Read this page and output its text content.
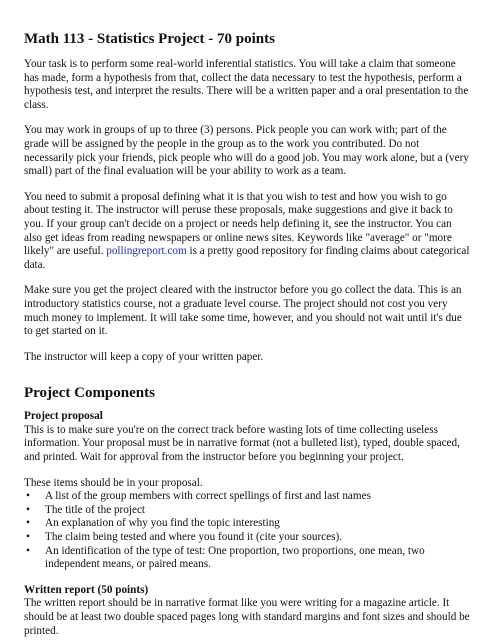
Math 113 - Statistics Project - 70 points

Your task is to perform some real-world inferential statistics. You will take a claim that someone has made, form a hypothesis from that, collect the data necessary to test the hypothesis, perform a hypothesis test, and interpret the results. There will be a written paper and a oral presentation to the class.

You may work in groups of up to three (3) persons. Pick people you can work with; part of the grade will be assigned by the people in the group as to the work you contributed. Do not necessarily pick your friends, pick people who will do a good job. You may work alone, but a (very small) part of the final evaluation will be your ability to work as a team.

You need to submit a proposal defining what it is that you wish to test and how you wish to go about testing it. The instructor will peruse these proposals, make suggestions and give it back to you. If your group can't decide on a project or needs help defining it, see the instructor. You can also get ideas from reading newspapers or online news sites. Keywords like "average" or "more likely" are useful. pollingreport.com is a pretty good repository for finding claims about categorical data.

Make sure you get the project cleared with the instructor before you go collect the data. This is an introductory statistics course, not a graduate level course. The project should not cost you very much money to implement. It will take some time, however, and you should not wait until it's due to get started on it.

The instructor will keep a copy of your written paper.

Project Components
Project proposal

This is to make sure you're on the correct track before wasting lots of time collecting useless information. Your proposal must be in narrative format (not a bulleted list), typed, double spaced, and printed. Wait for approval from the instructor before you beginning your project.

These items should be in your proposal.

• A list of the group members with correct spellings of first and last names
• The title of the project
• An explanation of why you find the topic interesting
• The claim being tested and where you found it (cite your sources).
• An identification of the type of test: One proportion, two proportions, one mean, two independent means, or paired means.
Written report (50 points)

The written report should be in narrative format like you were writing for a magazine article. It should be at least two double spaced pages long with standard margins and font sizes and should be printed.
